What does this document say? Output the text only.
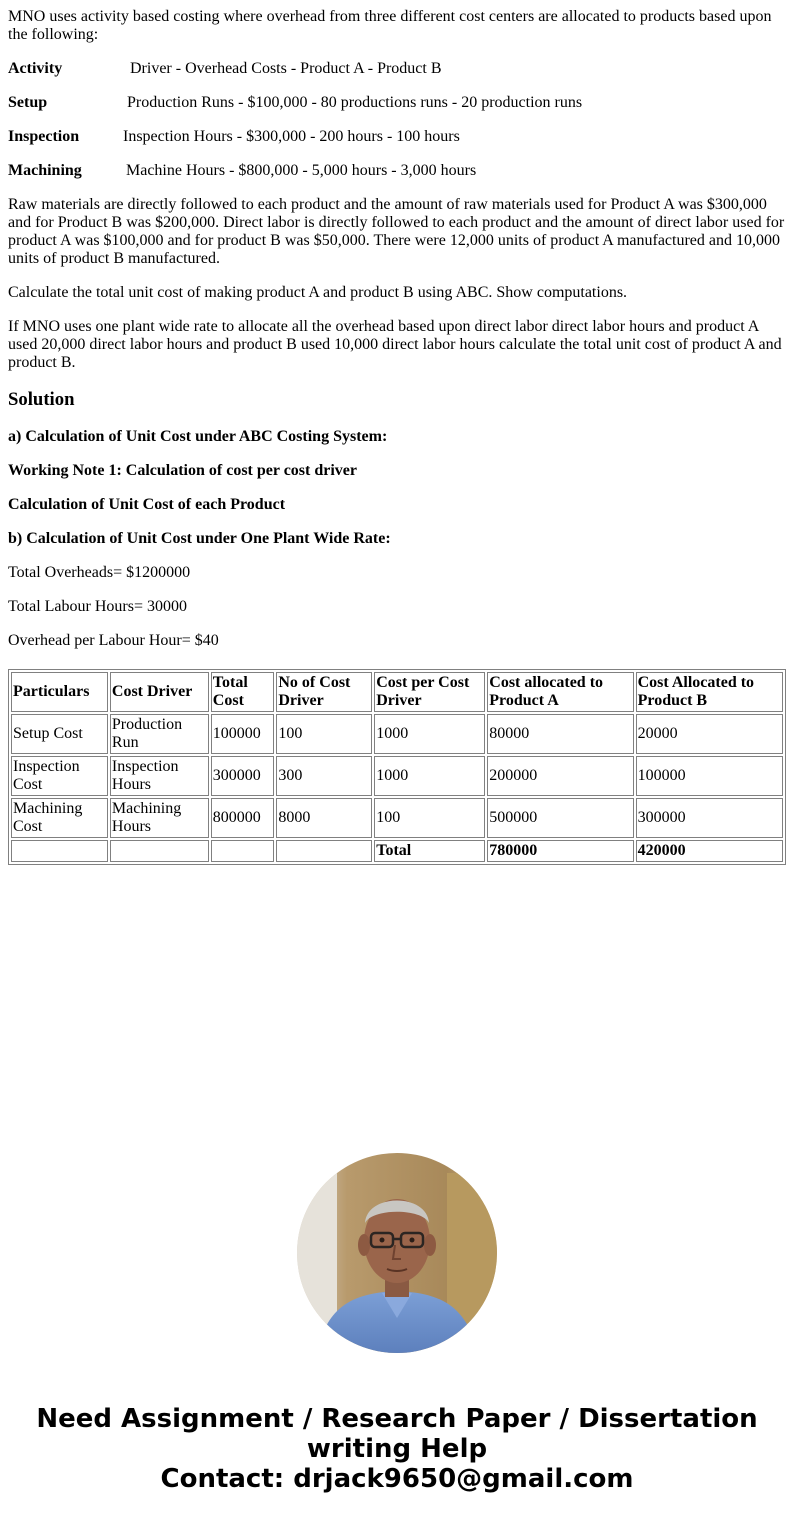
MNO uses activity based costing where overhead from three different cost centers are allocated to products based upon the following:

Activity	Driver - Overhead Costs - Product A - Product B
Setup	Production Runs - $100,000 - 80 productions runs - 20 production runs
Inspection	Inspection Hours - $300,000 - 200 hours - 100 hours
Machining	Machine Hours - $800,000 - 5,000 hours - 3,000 hours

Raw materials are directly followed to each product and the amount of raw materials used for Product A was $300,000 and for Product B was $200,000. Direct labor is directly followed to each product and the amount of direct labor used for product A was $100,000 and for product B was $50,000. There were 12,000 units of product A manufactured and 10,000 units of product B manufactured.

Calculate the total unit cost of making product A and product B using ABC. Show computations.

If MNO uses one plant wide rate to allocate all the overhead based upon direct labor direct labor hours and product A used 20,000 direct labor hours and product B used 10,000 direct labor hours calculate the total unit cost of product A and product B.

Solution

a) Calculation of Unit Cost under ABC Costing System:

Working Note 1: Calculation of cost per cost driver

Calculation of Unit Cost of each Product

b) Calculation of Unit Cost under One Plant Wide Rate:

Total Overheads= $1200000

Total Labour Hours= 30000

Overhead per Labour Hour= $40

Particulars	Cost Driver	Total Cost	No of Cost Driver	Cost per Cost Driver	Cost allocated to Product A	Cost Allocated to Product B
Setup Cost	Production Run	100000	100	1000	80000	20000
Inspection Cost	Inspection Hours	300000	300	1000	200000	100000
Machining Cost	Machining Hours	800000	8000	100	500000	300000
				Total	780000	420000
Need Assignment / Research Paper / Dissertation
writing Help
Contact: drjack9650@gmail.com
